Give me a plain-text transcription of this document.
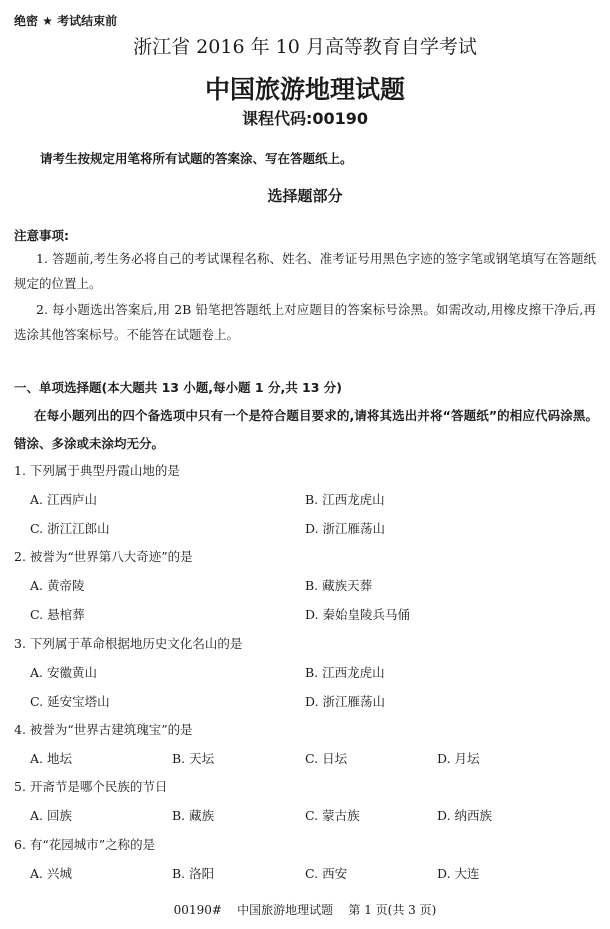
绝密 ★ 考试结束前
浙江省 2016 年 10 月高等教育自学考试
中国旅游地理试题
课程代码:00190
请考生按规定用笔将所有试题的答案涂、写在答题纸上。
选择题部分
注意事项:
1. 答题前,考生务必将自己的考试课程名称、姓名、准考证号用黑色字迹的签字笔或钢笔填写在答题纸规定的位置上。
2. 每小题选出答案后,用 2B 铅笔把答题纸上对应题目的答案标号涂黑。如需改动,用橡皮擦干净后,再选涂其他答案标号。不能答在试题卷上。
一、单项选择题(本大题共 13 小题,每小题 1 分,共 13 分)
在每小题列出的四个备选项中只有一个是符合题目要求的,请将其选出并将“答题纸”的相应代码涂黑。错涂、多涂或未涂均无分。
1. 下列属于典型丹霞山地的是
A. 江西庐山	B. 江西龙虎山
C. 浙江江郎山	D. 浙江雁荡山
2. 被誉为“世界第八大奇迹”的是
A. 黄帝陵	B. 藏族天葬
C. 悬棺葬	D. 秦始皇陵兵马俑
3. 下列属于革命根据地历史文化名山的是
A. 安徽黄山	B. 江西龙虎山
C. 延安宝塔山	D. 浙江雁荡山
4. 被誉为“世界古建筑瑰宝”的是
A. 地坛	B. 天坛	C. 日坛	D. 月坛
5. 开斋节是哪个民族的节日
A. 回族	B. 藏族	C. 蒙古族	D. 纳西族
6. 有“花园城市”之称的是
A. 兴城	B. 洛阳	C. 西安	D. 大连
00190#    中国旅游地理试题    第 1 页(共 3 页)
